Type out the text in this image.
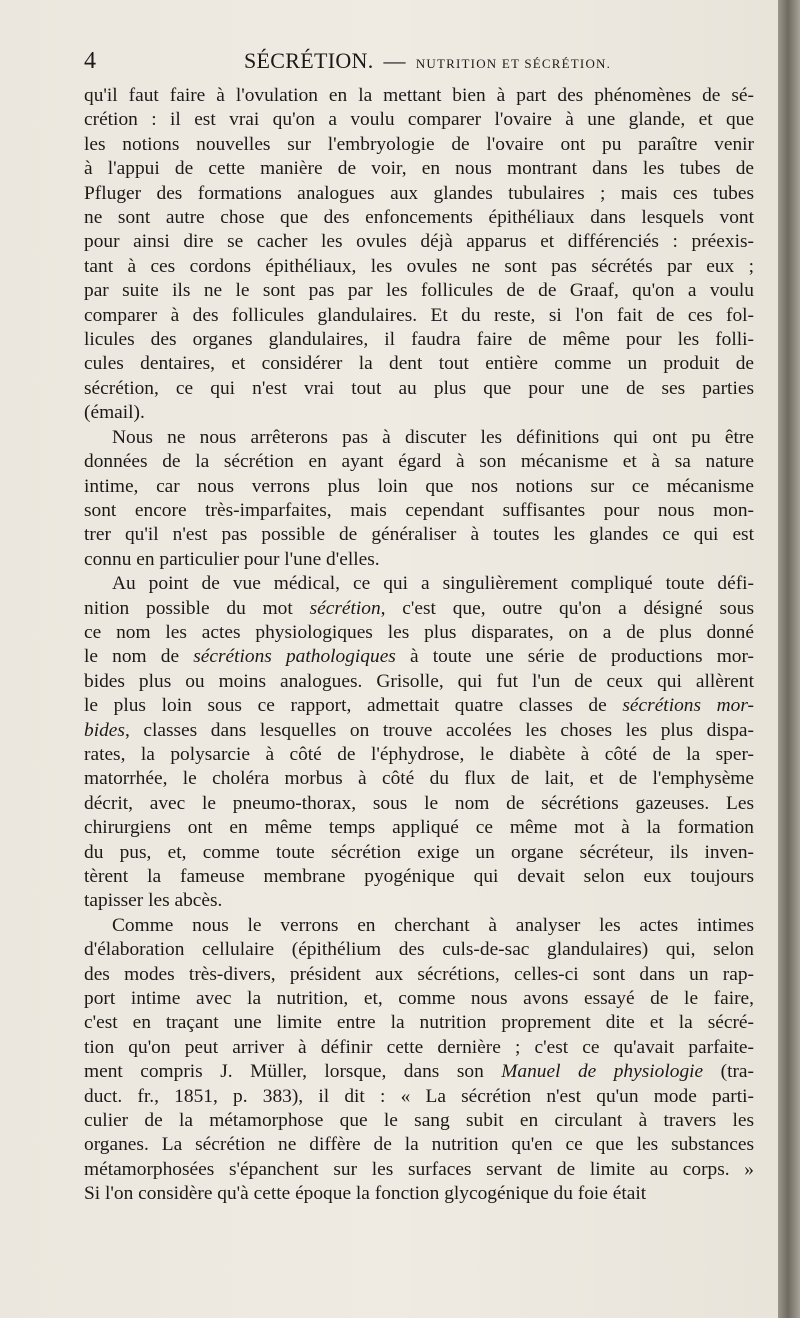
4	SÉCRÉTION. — NUTRITION ET SÉCRÉTION.

qu'il faut faire à l'ovulation en la mettant bien à part des phénomènes de sé-
crétion : il est vrai qu'on a voulu comparer l'ovaire à une glande, et que
les notions nouvelles sur l'embryologie de l'ovaire ont pu paraître venir
à l'appui de cette manière de voir, en nous montrant dans les tubes de
Pfluger des formations analogues aux glandes tubulaires ; mais ces tubes
ne sont autre chose que des enfoncements épithéliaux dans lesquels vont
pour ainsi dire se cacher les ovules déjà apparus et différenciés : préexis-
tant à ces cordons épithéliaux, les ovules ne sont pas sécrétés par eux ;
par suite ils ne le sont pas par les follicules de de Graaf, qu'on a voulu
comparer à des follicules glandulaires. Et du reste, si l'on fait de ces fol-
licules des organes glandulaires, il faudra faire de même pour les folli-
cules dentaires, et considérer la dent tout entière comme un produit de
sécrétion, ce qui n'est vrai tout au plus que pour une de ses parties
(émail).

Nous ne nous arrêterons pas à discuter les définitions qui ont pu être
données de la sécrétion en ayant égard à son mécanisme et à sa nature
intime, car nous verrons plus loin que nos notions sur ce mécanisme
sont encore très-imparfaites, mais cependant suffisantes pour nous mon-
trer qu'il n'est pas possible de généraliser à toutes les glandes ce qui est
connu en particulier pour l'une d'elles.

Au point de vue médical, ce qui a singulièrement compliqué toute défi-
nition possible du mot sécrétion, c'est que, outre qu'on a désigné sous
ce nom les actes physiologiques les plus disparates, on a de plus donné
le nom de sécrétions pathologiques à toute une série de productions mor-
bides plus ou moins analogues. Grisolle, qui fut l'un de ceux qui allèrent
le plus loin sous ce rapport, admettait quatre classes de sécrétions mor-
bides, classes dans lesquelles on trouve accolées les choses les plus dispa-
rates, la polysarcie à côté de l'éphydrose, le diabète à côté de la sper-
matorrhée, le choléra morbus à côté du flux de lait, et de l'emphysème
décrit, avec le pneumo-thorax, sous le nom de sécrétions gazeuses. Les
chirurgiens ont en même temps appliqué ce même mot à la formation
du pus, et, comme toute sécrétion exige un organe sécréteur, ils inven-
tèrent la fameuse membrane pyogénique qui devait selon eux toujours
tapisser les abcès.

Comme nous le verrons en cherchant à analyser les actes intimes
d'élaboration cellulaire (épithélium des culs-de-sac glandulaires) qui, selon
des modes très-divers, président aux sécrétions, celles-ci sont dans un rap-
port intime avec la nutrition, et, comme nous avons essayé de le faire,
c'est en traçant une limite entre la nutrition proprement dite et la sécré-
tion qu'on peut arriver à définir cette dernière ; c'est ce qu'avait parfaite-
ment compris J. Müller, lorsque, dans son Manuel de physiologie (tra-
duct. fr., 1851, p. 383), il dit : « La sécrétion n'est qu'un mode parti-
culier de la métamorphose que le sang subit en circulant à travers les
organes. La sécrétion ne diffère de la nutrition qu'en ce que les substances
métamorphosées s'épanchent sur les surfaces servant de limite au corps. »
Si l'on considère qu'à cette époque la fonction glycogénique du foie était
